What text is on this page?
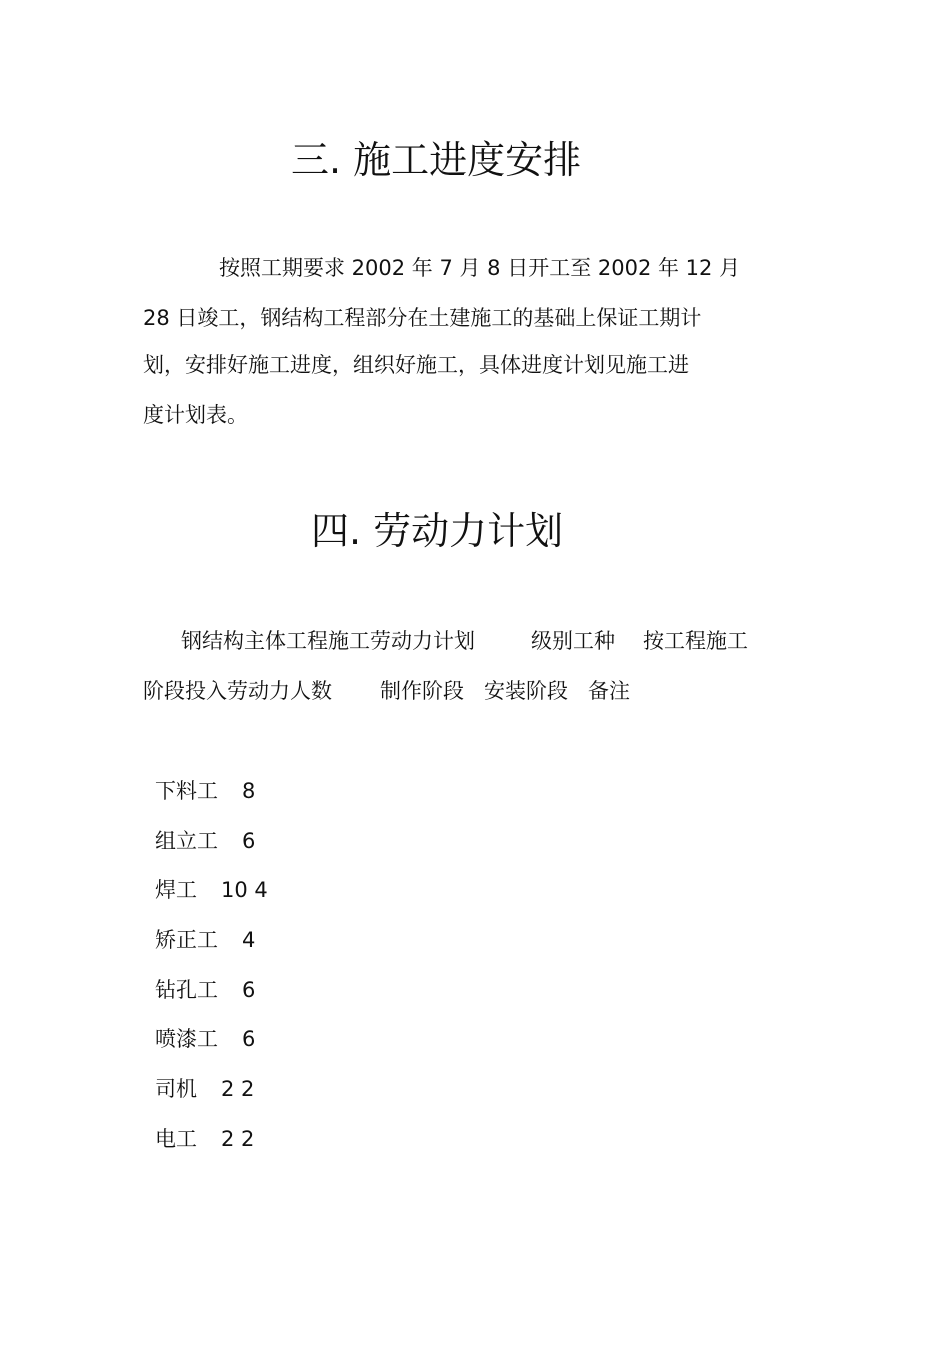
三. 施工进度安排

按照工期要求 2002 年 7 月 8 日开工至 2002 年 12 月

28 日竣工，钢结构工程部分在土建施工的基础上保证工期计

划，安排好施工进度，组织好施工，具体进度计划见施工进

度计划表。

四. 劳动力计划

钢结构主体工程施工劳动力计划	级别工种 按工程施工

阶段投入劳动力人数 制作阶段 安装阶段 备注

下料工 8
组立工 6
焊工 10 4
矫正工 4
钻孔工 6
喷漆工 6
司机 2 2
电工 2 2
